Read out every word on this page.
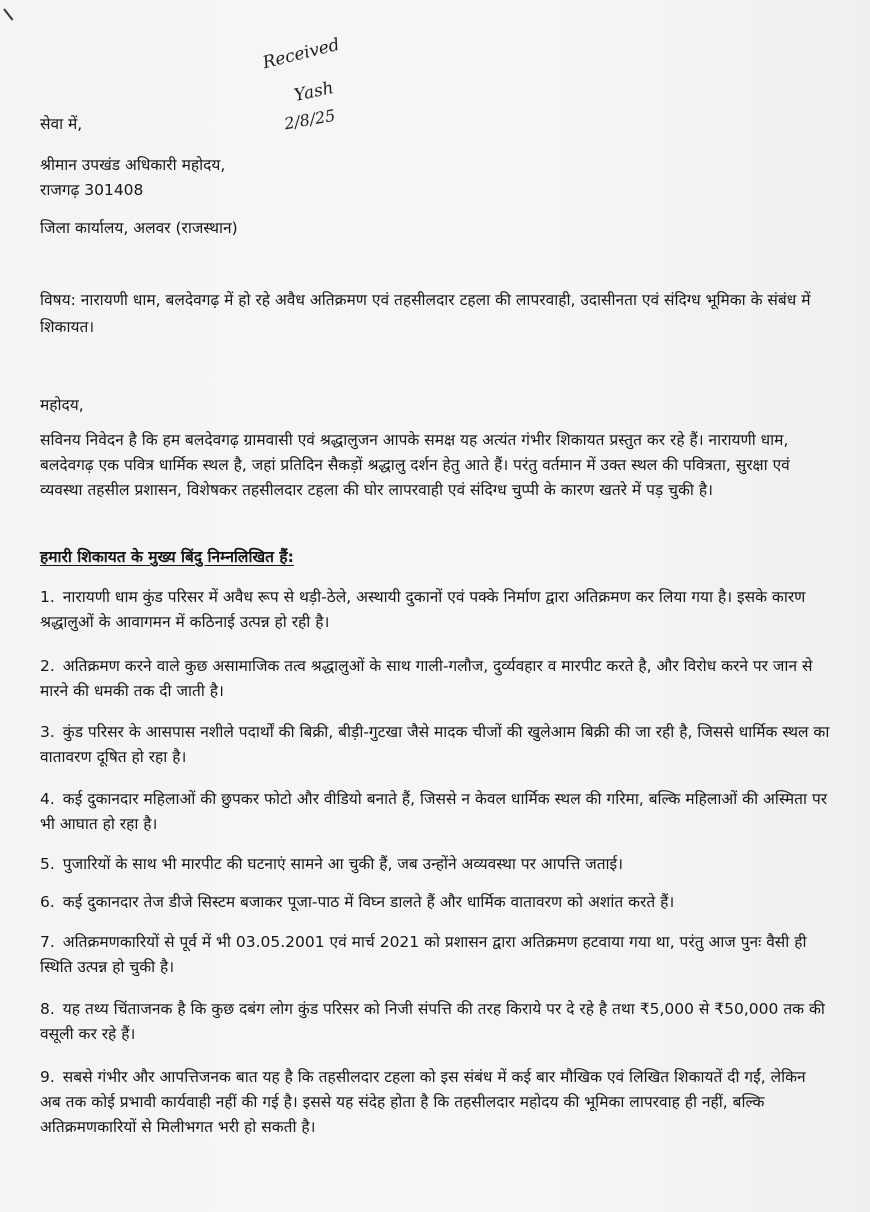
Received
Yash
2/8/25
सेवा में,
श्रीमान उपखंड अधिकारी महोदय,
राजगढ़ 301408
जिला कार्यालय, अलवर (राजस्थान)
विषय: नारायणी धाम, बलदेवगढ़ में हो रहे अवैध अतिक्रमण एवं तहसीलदार टहला की लापरवाही, उदासीनता एवं संदिग्ध भूमिका के संबंध में शिकायत।
महोदय,
सविनय निवेदन है कि हम बलदेवगढ़ ग्रामवासी एवं श्रद्धालुजन आपके समक्ष यह अत्यंत गंभीर शिकायत प्रस्तुत कर रहे हैं। नारायणी धाम, बलदेवगढ़ एक पवित्र धार्मिक स्थल है, जहां प्रतिदिन सैकड़ों श्रद्धालु दर्शन हेतु आते हैं। परंतु वर्तमान में उक्त स्थल की पवित्रता, सुरक्षा एवं व्यवस्था तहसील प्रशासन, विशेषकर तहसीलदार टहला की घोर लापरवाही एवं संदिग्ध चुप्पी के कारण खतरे में पड़ चुकी है।
हमारी शिकायत के मुख्य बिंदु निम्नलिखित हैं:
1. नारायणी धाम कुंड परिसर में अवैध रूप से थड़ी-ठेले, अस्थायी दुकानों एवं पक्के निर्माण द्वारा अतिक्रमण कर लिया गया है। इसके कारण श्रद्धालुओं के आवागमन में कठिनाई उत्पन्न हो रही है।
2. अतिक्रमण करने वाले कुछ असामाजिक तत्व श्रद्धालुओं के साथ गाली-गलौज, दुर्व्यवहार व मारपीट करते है, और विरोध करने पर जान से मारने की धमकी तक दी जाती है।
3. कुंड परिसर के आसपास नशीले पदार्थों की बिक्री, बीड़ी-गुटखा जैसे मादक चीजों की खुलेआम बिक्री की जा रही है, जिससे धार्मिक स्थल का वातावरण दूषित हो रहा है।
4. कई दुकानदार महिलाओं की छुपकर फोटो और वीडियो बनाते हैं, जिससे न केवल धार्मिक स्थल की गरिमा, बल्कि महिलाओं की अस्मिता पर भी आघात हो रहा है।
5. पुजारियों के साथ भी मारपीट की घटनाएं सामने आ चुकी हैं, जब उन्होंने अव्यवस्था पर आपत्ति जताई।
6. कई दुकानदार तेज डीजे सिस्टम बजाकर पूजा-पाठ में विघ्न डालते हैं और धार्मिक वातावरण को अशांत करते हैं।
7. अतिक्रमणकारियों से पूर्व में भी 03.05.2001 एवं मार्च 2021 को प्रशासन द्वारा अतिक्रमण हटवाया गया था, परंतु आज पुनः वैसी ही स्थिति उत्पन्न हो चुकी है।
8. यह तथ्य चिंताजनक है कि कुछ दबंग लोग कुंड परिसर को निजी संपत्ति की तरह किराये पर दे रहे है तथा ₹5,000 से ₹50,000 तक की वसूली कर रहे हैं।
9. सबसे गंभीर और आपत्तिजनक बात यह है कि तहसीलदार टहला को इस संबंध में कई बार मौखिक एवं लिखित शिकायतें दी गईं, लेकिन अब तक कोई प्रभावी कार्यवाही नहीं की गई है। इससे यह संदेह होता है कि तहसीलदार महोदय की भूमिका लापरवाह ही नहीं, बल्कि अतिक्रमणकारियों से मिलीभगत भरी हो सकती है।
